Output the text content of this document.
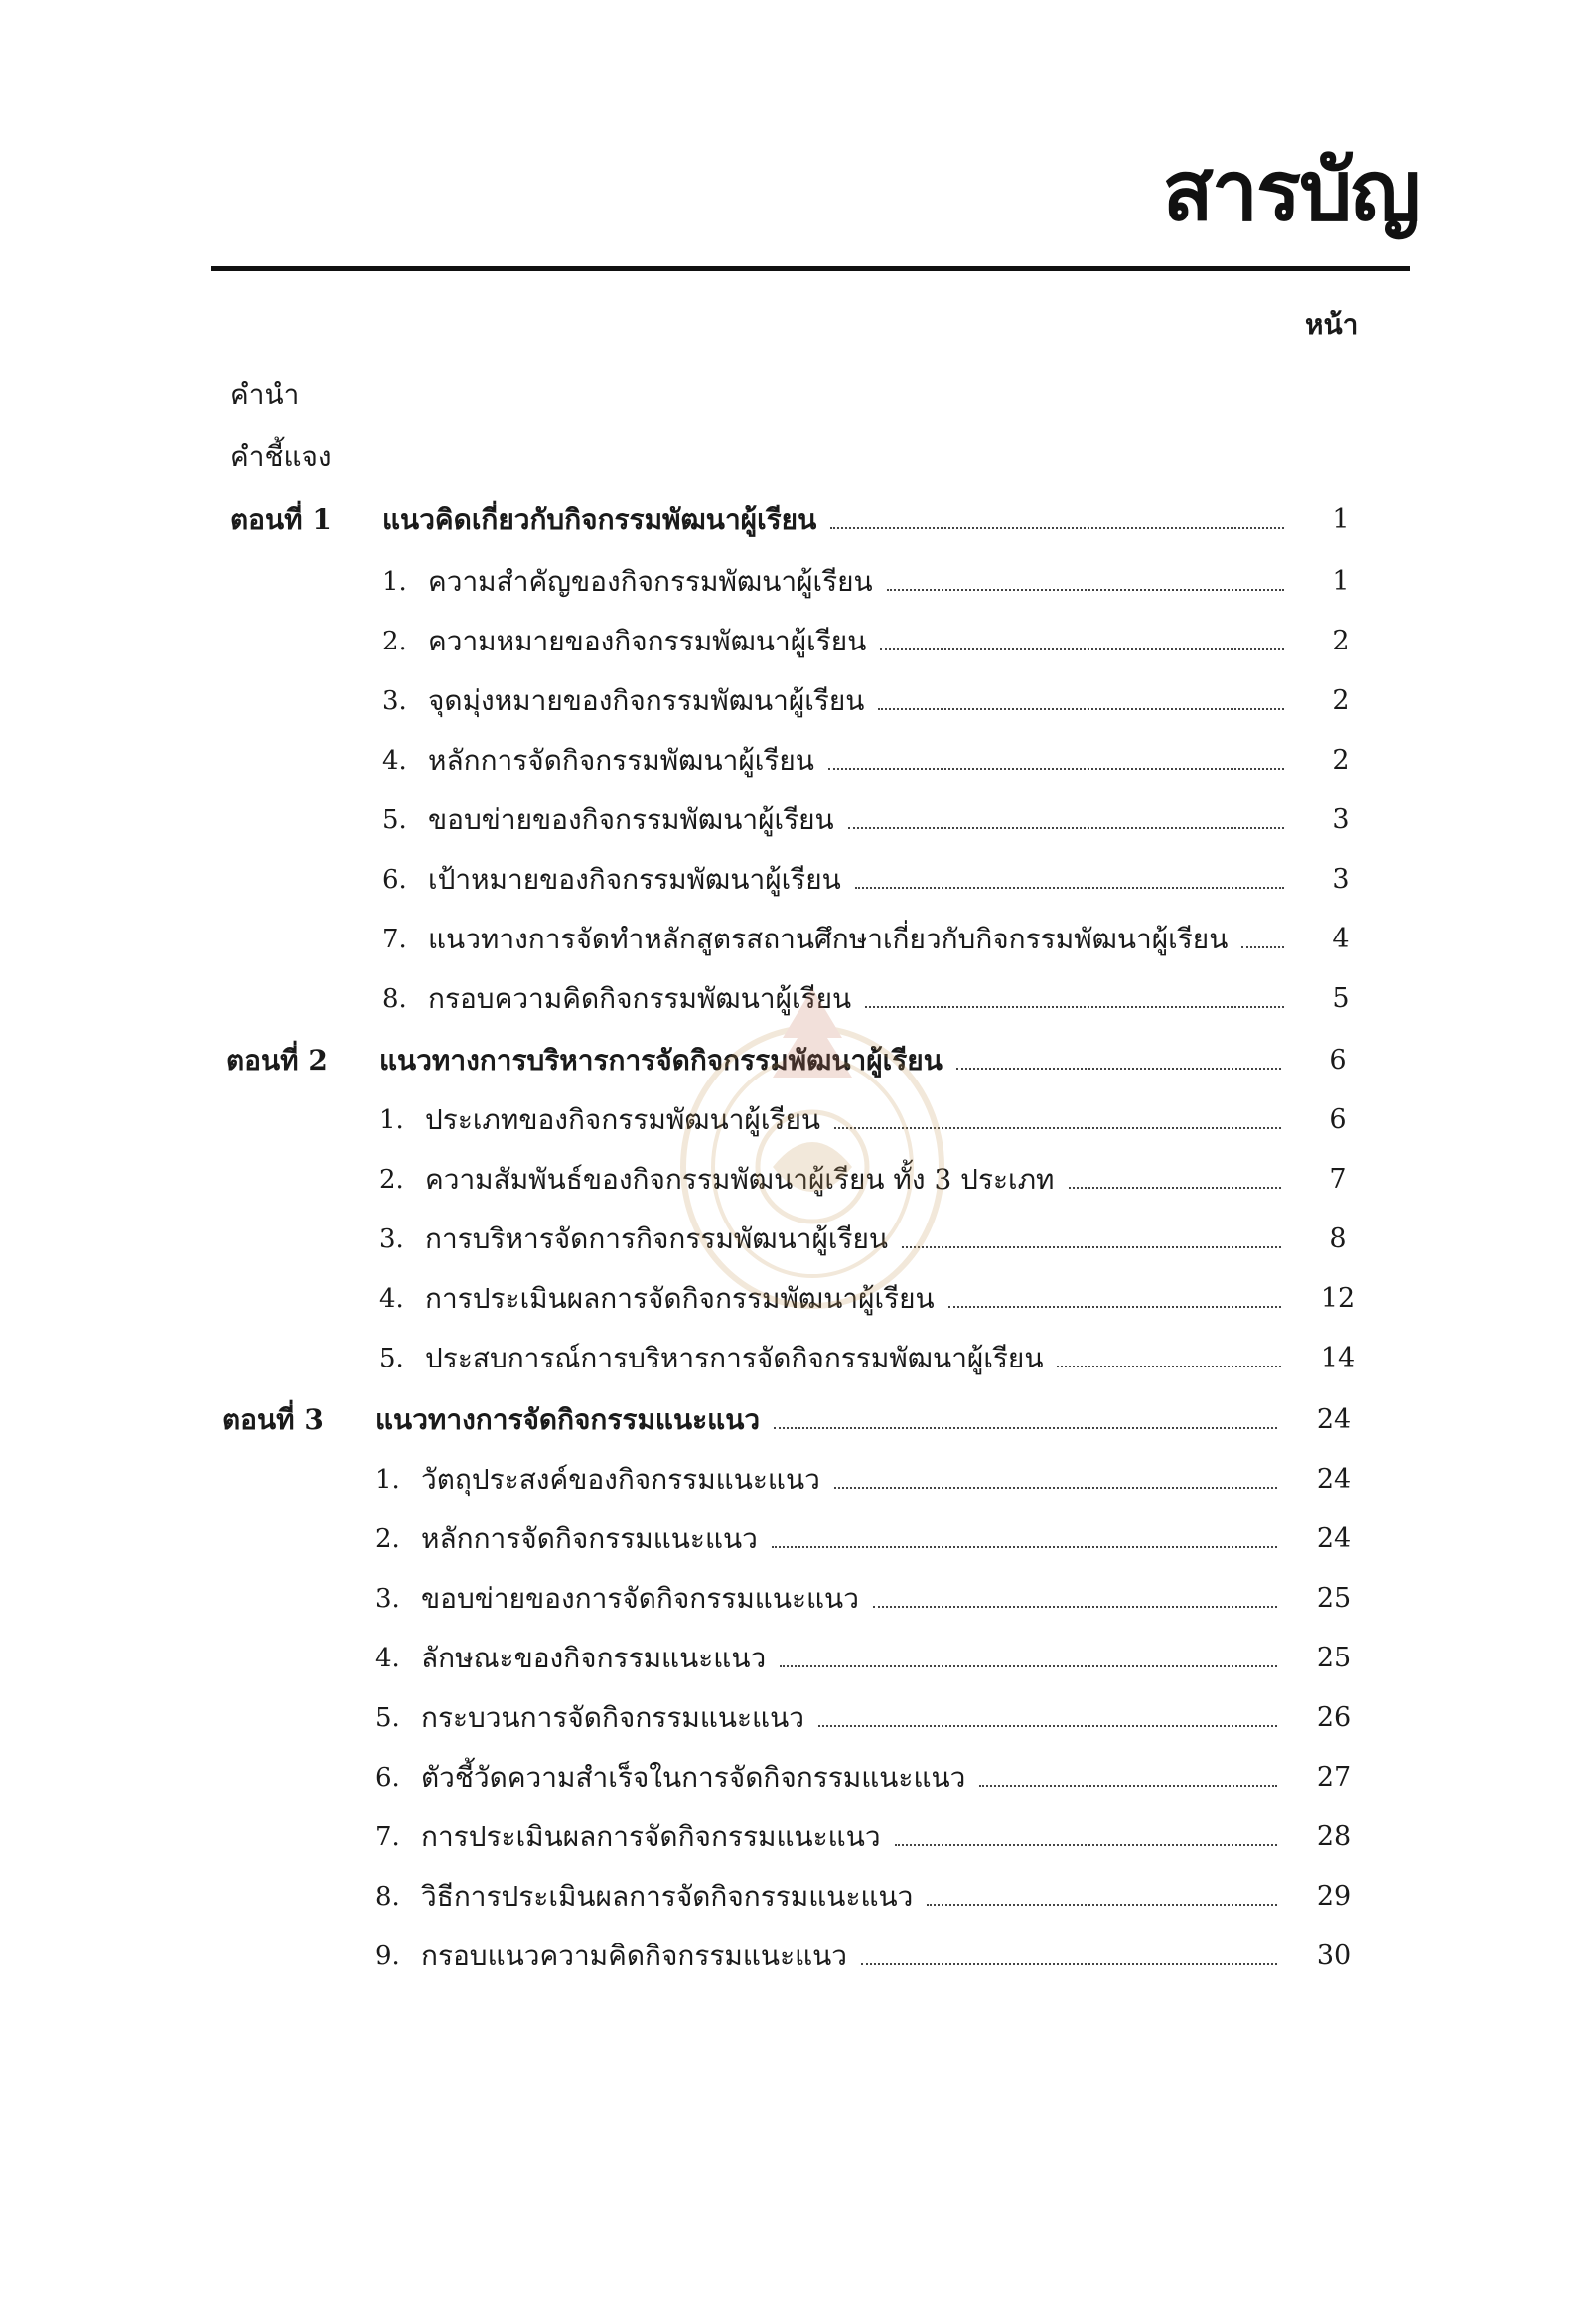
สารบัญ
หน้า
คำนำ
คำชี้แจง
ตอนที่ 1 แนวคิดเกี่ยวกับกิจกรรมพัฒนาผู้เรียน	1
1. ความสำคัญของกิจกรรมพัฒนาผู้เรียน	1
2. ความหมายของกิจกรรมพัฒนาผู้เรียน	2
3. จุดมุ่งหมายของกิจกรรมพัฒนาผู้เรียน	2
4. หลักการจัดกิจกรรมพัฒนาผู้เรียน	2
5. ขอบข่ายของกิจกรรมพัฒนาผู้เรียน	3
6. เป้าหมายของกิจกรรมพัฒนาผู้เรียน	3
7. แนวทางการจัดทำหลักสูตรสถานศึกษาเกี่ยวกับกิจกรรมพัฒนาผู้เรียน	4
8. กรอบความคิดกิจกรรมพัฒนาผู้เรียน	5
ตอนที่ 2 แนวทางการบริหารการจัดกิจกรรมพัฒนาผู้เรียน	6
1. ประเภทของกิจกรรมพัฒนาผู้เรียน	6
2. ความสัมพันธ์ของกิจกรรมพัฒนาผู้เรียน ทั้ง 3 ประเภท	7
3. การบริหารจัดการกิจกรรมพัฒนาผู้เรียน	8
4. การประเมินผลการจัดกิจกรรมพัฒนาผู้เรียน	12
5. ประสบการณ์การบริหารการจัดกิจกรรมพัฒนาผู้เรียน	14
ตอนที่ 3 แนวทางการจัดกิจกรรมแนะแนว	24
1. วัตถุประสงค์ของกิจกรรมแนะแนว	24
2. หลักการจัดกิจกรรมแนะแนว	24
3. ขอบข่ายของการจัดกิจกรรมแนะแนว	25
4. ลักษณะของกิจกรรมแนะแนว	25
5. กระบวนการจัดกิจกรรมแนะแนว	26
6. ตัวชี้วัดความสำเร็จในการจัดกิจกรรมแนะแนว	27
7. การประเมินผลการจัดกิจกรรมแนะแนว	28
8. วิธีการประเมินผลการจัดกิจกรรมแนะแนว	29
9. กรอบแนวความคิดกิจกรรมแนะแนว	30
